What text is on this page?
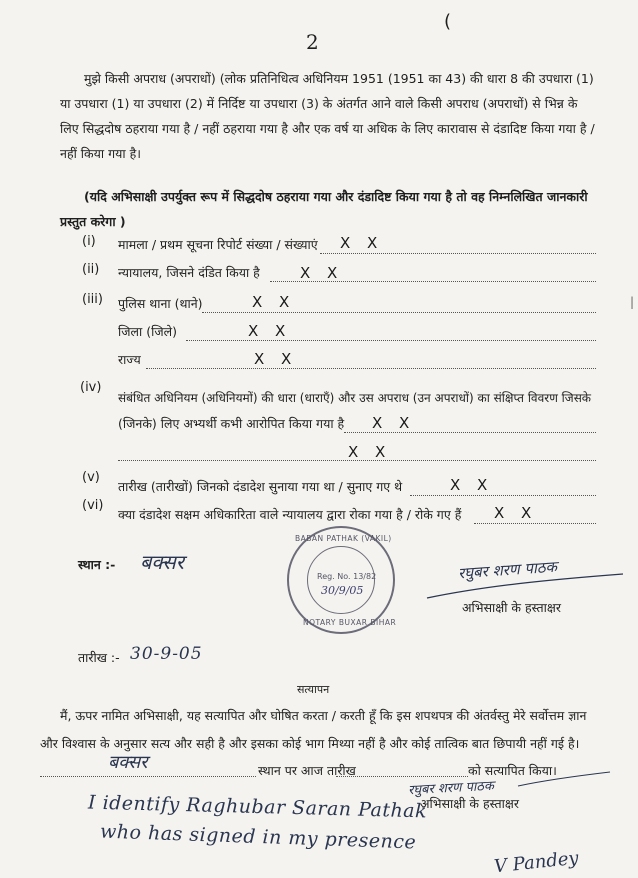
2
(
मुझे किसी अपराध (अपराधों) (लोक प्रतिनिधित्व अधिनियम 1951 (1951 का 43) की धारा 8 की उपधारा (1) या उपधारा (1) या उपधारा (2) में निर्दिष्ट या उपधारा (3) के अंतर्गत आने वाले किसी अपराध (अपराधों) से भिन्न के लिए सिद्धदोष ठहराया गया है / नहीं ठहराया गया है और एक वर्ष या अधिक के लिए कारावास से दंडादिष्ट किया गया है / नहीं किया गया है।
(यदि अभिसाक्षी उपर्युक्त रूप में सिद्धदोष ठहराया गया और दंडादिष्ट किया गया है तो वह निम्नलिखित जानकारी प्रस्तुत करेगा )
(i) मामला / प्रथम सूचना रिपोर्ट संख्या / संख्याएं X X
(ii) न्यायालय, जिसने दंडित किया है	X X
(iii) पुलिस थाना (थाने)	X X
जिला (जिले)	X X
राज्य	X X
(iv)
संबंधित अधिनियम (अधिनियमों) की धारा (धाराएँ) और उस अपराध (उन अपराधों) का संक्षिप्त विवरण जिसके
(जिनके) लिए अभ्यर्थी कभी आरोपित किया गया है X X
X X
(v)
तारीख (तारीखों) जिनको दंडादेश सुनाया गया था / सुनाए गए थे	X X
(vi)
क्या दंडादेश सक्षम अधिकारिता वाले न्यायालय द्वारा रोका गया है / रोके गए हैं X X
स्थान :- बक्सर
BABAN PATHAK (VAKIL)
Reg. No. 13/82
30/9/05
NOTARY BUXAR BIHAR
रघुबर शरण पाठक
अभिसाक्षी के हस्ताक्षर
तारीख :- 30-9-05
सत्यापन
मैं, ऊपर नामित अभिसाक्षी, यह सत्यापित और घोषित करता / करती हूँ कि इस शपथपत्र की अंतर्वस्तु मेरे सर्वोत्तम ज्ञान और विश्वास के अनुसार सत्य और सही है और इसका कोई भाग मिथ्या नहीं है और कोई तात्विक बात छिपायी नहीं गई है।
बक्सर	स्थान पर आज तारीख	को सत्यापित किया।
रघुबर शरण पाठक
अभिसाक्षी के हस्ताक्षर
I identify Raghubar Saran Pathak
who has signed in my presence
V Pandey
|
